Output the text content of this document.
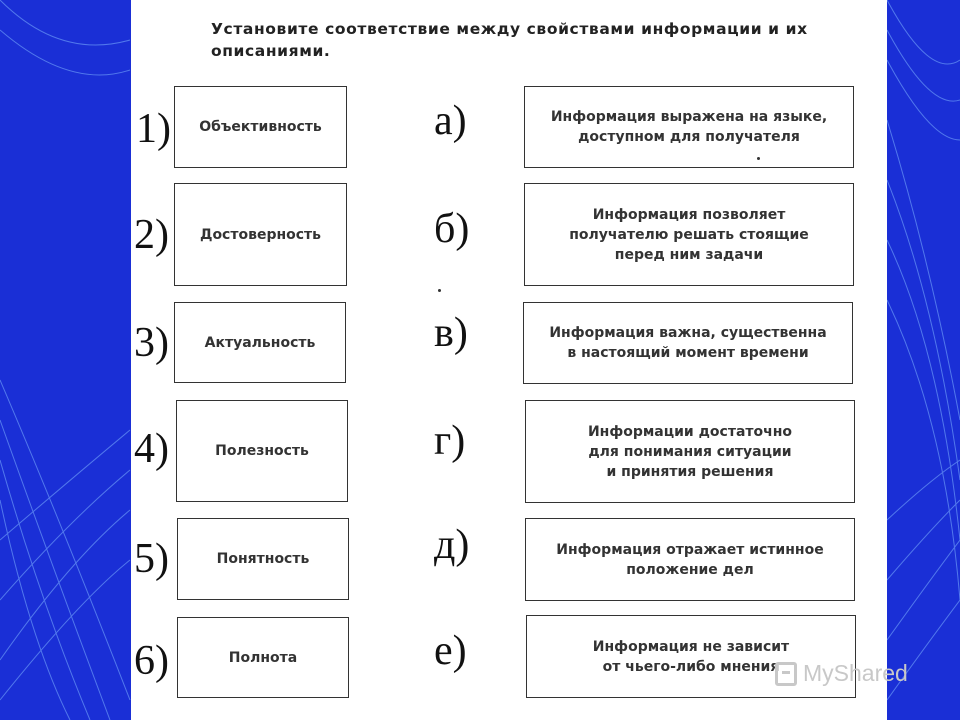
Установите соответствие между свойствами информации и их описаниями.
1)
2)
3)
4)
5)
6)
Объективность
Достоверность
Актуальность
Полезность
Понятность
Полнота
а)
б)
в)
г)
д)
е)
Информация выражена на языке,
доступном для получателя
Информация позволяет
получателю решать стоящие
перед ним задачи
Информация важна, существенна
в настоящий момент времени
Информации достаточно
для понимания ситуации
и принятия решения
Информация отражает истинное
положение дел
Информация не зависит
от чьего-либо мнения	MyShared
